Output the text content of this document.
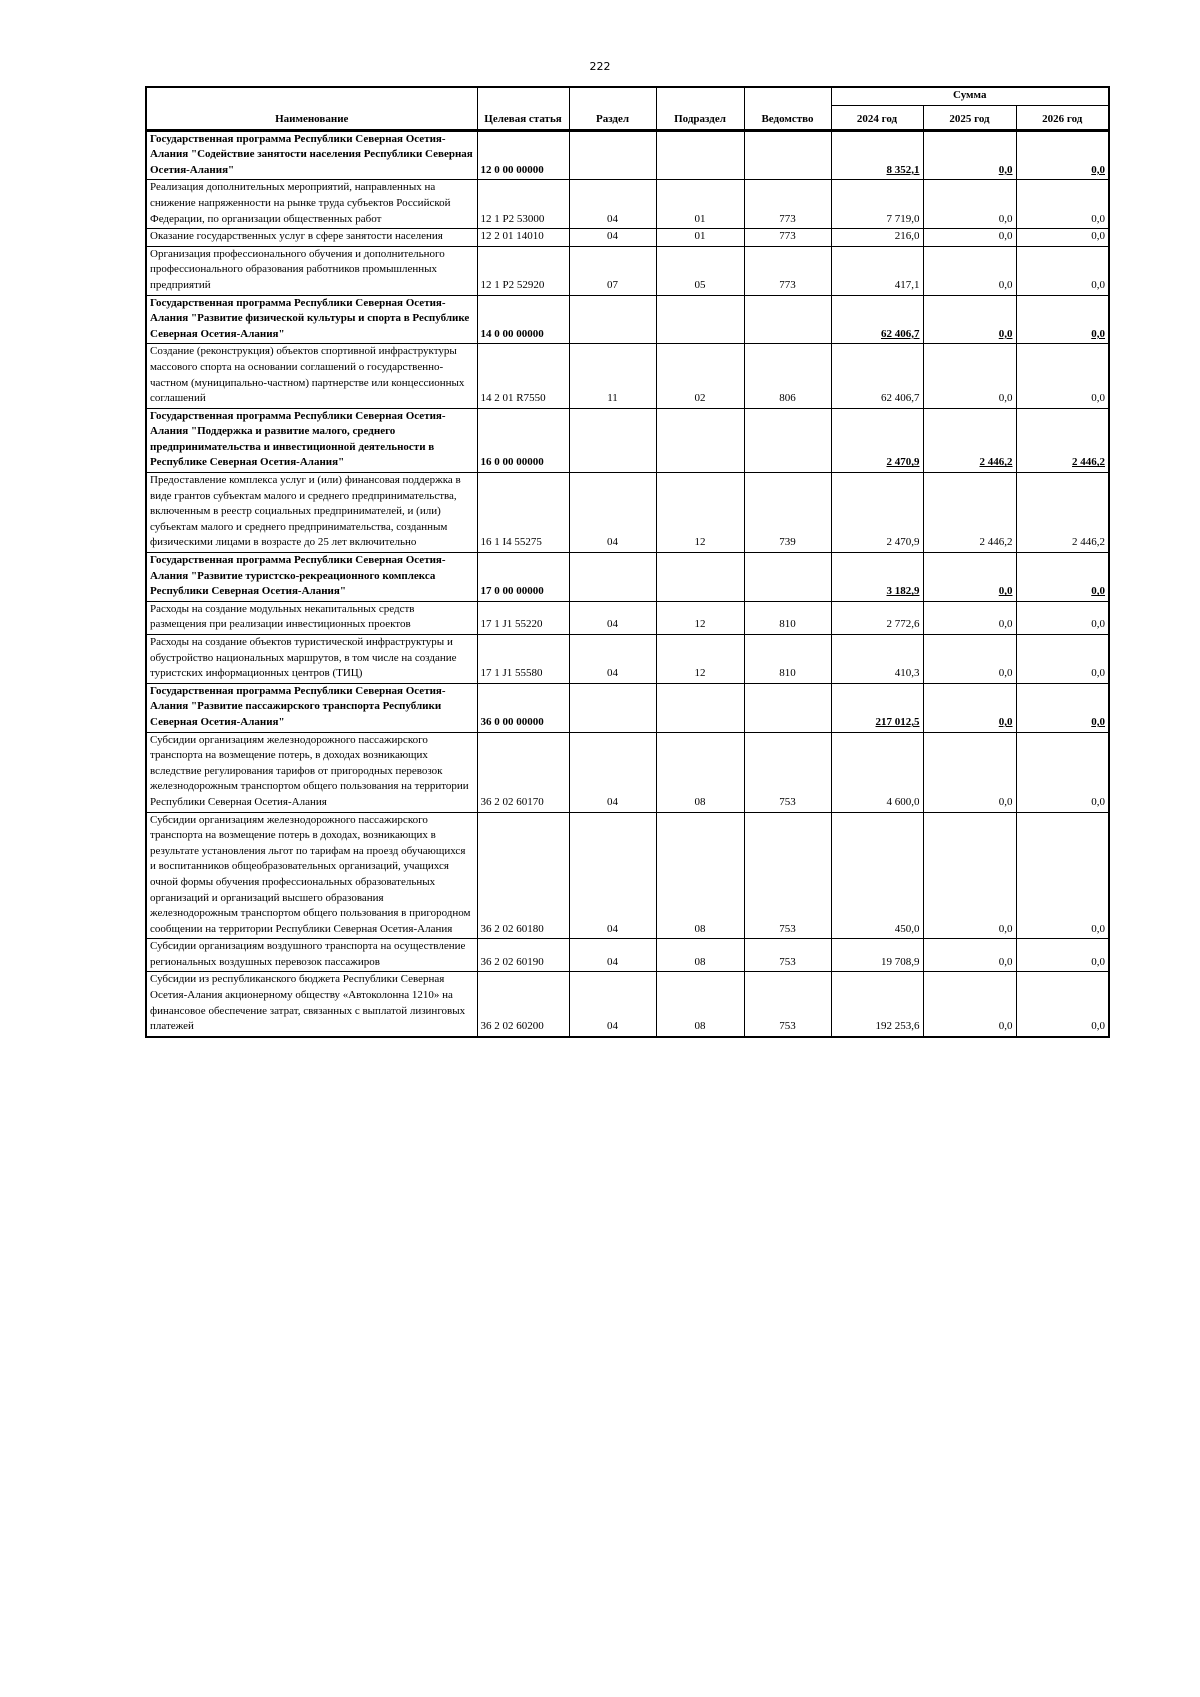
222
Наименование	Целевая статья	Раздел	Подраздел	Ведомство	Сумма		
					2024 год	2025 год	2026 год
Государственная программа Республики Северная Осетия-Алания "Содействие занятости населения Республики Северная Осетия-Алания"	12 0 00 00000				8 352,1	0,0	0,0
Реализация дополнительных мероприятий, направленных на снижение напряженности на рынке труда субъектов Российской Федерации, по организации общественных работ	12 1 P2 53000	04	01	773	7 719,0	0,0	0,0
Оказание государственных услуг в сфере занятости населения	12 2 01 14010	04	01	773	216,0	0,0	0,0
Организация профессионального обучения и дополнительного профессионального образования работников промышленных предприятий	12 1 P2 52920	07	05	773	417,1	0,0	0,0
Государственная программа Республики Северная Осетия-Алания "Развитие физической культуры и спорта в Республике Северная Осетия-Алания"	14 0 00 00000				62 406,7	0,0	0,0
Создание (реконструкция) объектов спортивной инфраструктуры массового спорта на основании соглашений о государственно-частном (муниципально-частном) партнерстве или концессионных соглашений	14 2 01 R7550	11	02	806	62 406,7	0,0	0,0
Государственная программа Республики Северная Осетия-Алания "Поддержка и развитие малого, среднего предпринимательства и инвестиционной деятельности в Республике Северная Осетия-Алания"	16 0 00 00000				2 470,9	2 446,2	2 446,2
Предоставление комплекса услуг и (или) финансовая поддержка в виде грантов субъектам малого и среднего предпринимательства, включенным в реестр социальных предпринимателей, и (или) субъектам малого и среднего предпринимательства, созданным физическими лицами в возрасте до 25 лет включительно	16 1 I4 55275	04	12	739	2 470,9	2 446,2	2 446,2
Государственная программа Республики Северная Осетия-Алания "Развитие туристско-рекреационного комплекса Республики Северная Осетия-Алания"	17 0 00 00000				3 182,9	0,0	0,0
Расходы на создание модульных некапитальных средств размещения при реализации инвестиционных проектов	17 1 J1 55220	04	12	810	2 772,6	0,0	0,0
Расходы на создание объектов туристической инфраструктуры и обустройство национальных маршрутов, в том числе на создание туристских информационных центров (ТИЦ)	17 1 J1 55580	04	12	810	410,3	0,0	0,0
Государственная программа Республики Северная Осетия-Алания "Развитие пассажирского транспорта Республики Северная Осетия-Алания"	36 0 00 00000				217 012,5	0,0	0,0
Субсидии организациям железнодорожного пассажирского транспорта на возмещение потерь, в доходах возникающих вследствие регулирования тарифов от пригородных перевозок железнодорожным транспортом общего пользования на территории Республики Северная Осетия-Алания	36 2 02 60170	04	08	753	4 600,0	0,0	0,0
Субсидии организациям железнодорожного пассажирского транспорта на возмещение потерь в доходах, возникающих в результате установления льгот по тарифам на проезд обучающихся и воспитанников общеобразовательных организаций, учащихся очной формы обучения профессиональных образовательных организаций и организаций высшего образования железнодорожным транспортом общего пользования в пригородном сообщении на территории Республики Северная Осетия-Алания	36 2 02 60180	04	08	753	450,0	0,0	0,0
Субсидии организациям воздушного транспорта на осуществление региональных воздушных перевозок пассажиров	36 2 02 60190	04	08	753	19 708,9	0,0	0,0
Субсидии из республиканского бюджета Республики Северная Осетия-Алания акционерному обществу «Автоколонна 1210» на финансовое обеспечение затрат, связанных с выплатой лизинговых платежей	36 2 02 60200	04	08	753	192 253,6	0,0	0,0
